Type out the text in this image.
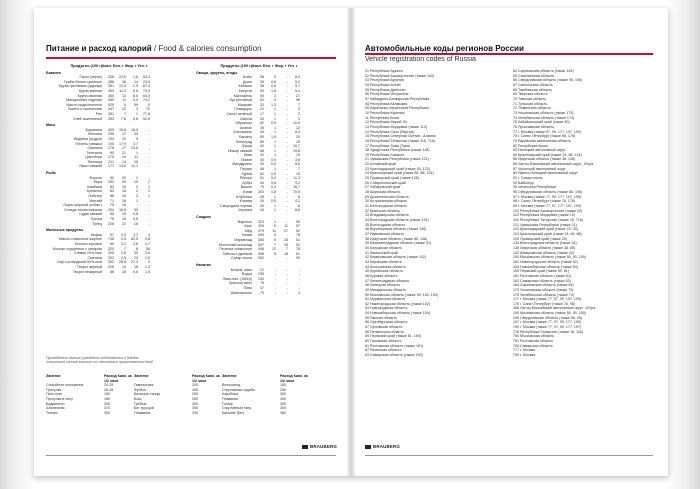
Питание и расход калорий / Food & calories consumption
Продукты (100 г) Ккал. Бел. г Жир. г Угл. г
Бакалея
Горох (зерно)	336	23,0	1,6	53,3
Грибы белые сушёные	286	36	14	23,5
Крупа гречневая (ядрица)	351	12,5	2,5	67,4
Крупа манная	354	11,2	0,8	73,3
Крупа овсяная	360	13	6,5	64,9
Макаронные изделия	350	11	0,9	74,2
Масло подсолнечное	929	0	99	0
Пшено и пшеничная	347	12	3	70
Рис	351	7	1	77,8
Хлеб пшеничный	253	7,6	0,8	52,6
Мясо
Баранина	209	15,6	16,3	-
Ветчина	295	17	30	-
Индейка (грудка)	134	22	5	-
Печень говяжья	105	17,9	3,7	-
Свинина	276	17	23,5	-
Телятина	90	21	1	-
Цыплёнок	175	19	11	-
Яичница	211	14	15	-
Язык говяжий	177	13,6	12,1	-
Рыба
Форель	90	20	1	-
Икра	252	29	19	2
Камбала	83	16	2	1
Креветки	83	16	2	1
Лобстер	86	16	2	1
Минтай	71	16	1	-
Окунь морской (собак.)	75	16	-	-
Сельдь атлантическая	254	16,9	39	-
Судак свежий	85	19	0,8	-
Треска	75	16	0,5	-
Тунец	226	22	16	-
Молочные продукты
Кефир	57	3,3	3,7	3
Масло сливочное жирное	748	0,5	82,5	0,8
Молоко коровье	60	3,2	3,6	4,7
Молоко сгущённое с сахаром	320	7	8	56
Сливки 20%-ные	205	2,8	20	3,6
Сметана	202	2,5	20	2,5
Сыр голландский 50%-ный	352	26,8	27,3	0
Творог жирный	226	14	18	1,3
Творог нежирный	86	18	0,6	1,5
Продукты (100 г) Ккал. Бел. г Жир. г Угл. г
Овощи, фрукты, ягоды
Бобы	58	5	-	8,3
Дыня	39	0,6	-	9,2
Кабачки	38	0,6	-	5,7
Капуста	30	1,8	-	5,4
Картофель	90	2	-	21
Лук репчатый	52	3	-	96
Морковь	33	1,3	-	7
Помидоры	22	1	-	3
Салат зелёный	17	1	-	2
Свёкла	30	1	-	3
Абрикосы	52	0,9	-	10,5
Ананас	45	1	-	12
Апельсины	40	1	-	8,4
Бананы	89	1,5	-	20
Виноград	69	1	-	19
Груша	42	1	-	10,7
Инжир свежий	68	1	-	19,8
Киви	41	1	-	15
Лимон	40	0,9	-	3,6
Мандарины	40	0,9	-	8,6
Персик	46	1	-	7
Хурма	62	0,5	-	15
Яблоки	51	0,4	-	11,3
Арбуз	40	0,6	-	9,2
Вишня	79	0,4	-	16,7
Изюм	303	1,8	-	70,9
Клубника	28	1	-	6
Клюква	34	0,5	-	4,2
Смородина черная	40	1	-	8
Черника	44	1	-	8,6
Сладкое
Варенье	323	1	-	59
Кекс	334	6	11	57
Мёд	479	11	27	52
Халва	294	4	-	76
Мармелад	356	9	28	51
Молочный шоколад	547	7	35	52
Печенье сливочное	406	12	7	78
Свёкла с джемом	408	5	18	61
Сахар-песок	392	-	-	99
Напитки
Безалк. пиво	21	-	-	-
Водка	235	-	-	-
Пиво-нал. (350гр)	130	-	-	-
Красное вино	75	-	-	-
Пиво	47	-	-	-
Шампанское	70	-	-	3
Приведённые данные усреднённо соблюдаются в блюдах
Химический состав зависит от технологии приготовления блюд
Занятие	Расход Ккал. за 1/2 часа
Занятие	Расход Ккал. за 1/2 часа
Занятие	Расход Ккал. за 1/2 часа
Спокойное положение	20-25	Гимнастика	200	Велосипед	180
Прогулка	40-45	Футбол	300	Спортивная ходьба	250
Пинг-понг	150	Бальные танцы	250	Аэробика	300
Прогулка в лесу	180	Бокс	250	Плаванье	450
Бадминтон	200	Греблю	300	Гольф	350
Альпинизм	370	Бег трусцой	300	Спортивный танц	300
Теннис	300	Плавание	330	Катание (бег)	380
BRAUBERG
Автомобильные коды регионов России
Vehicle registration codes of Russia
01 Республика Адыгея
02 Республика Башкортостан (также 102)
03 Республика Бурятия
04 Республика Алтай
05 Республика Дагестан
06 Республика Ингушетия
07 Кабардино-Балкарская Республика
08 Республика Калмыкия
09 Карачаево-Черкесская Республика
10 Республика Карелия
11 Республика Коми
12 Республика Марий Эл
13 Республика Мордовия (также 113)
14 Республика Саха (Якутия)
15 Республика Северная Осетия - Алания
16 Республика Татарстан (также 116, 716)
17 Республика Тыва (Тува)
18 Удмуртская Республика (также 118)
19 Республика Хакасия
21 Чувашская Республика (также 121)
22 Алтайский край
23 Краснодарский край (также 93, 123)
24 Красноярский край (также 84, 88, 124)
25 Приморский край (также 125)
26 Ставропольский край
27 Хабаровский край
28 Амурская область
29 Архангельская область
30 Астраханская область
31 Белгородская область
32 Брянская область
33 Владимирская область
34 Волгоградская область (также 134)
35 Вологодская область
36 Воронежская область (также 136)
37 Ивановская область
38 Иркутская область (также 85, 138)
39 Калининградская область (также 91)
40 Калужская область
41 Камчатский край
42 Кемеровская область (также 142)
43 Кировская область
44 Костромская область
45 Курганская область
46 Курская область
47 Ленинградская область
48 Липецкая область
49 Магаданская область
50 Московская область (также 90, 150, 190)
51 Мурманская область
52 Нижегородская область (также 152)
53 Новгородская область
54 Новосибирская область (также 154)
55 Омская область
56 Оренбургская область
57 Орловская область
58 Пензенская область
59 Пермский край (также 81, 159)
60 Псковская область
61 Ростовская область (также 161)
62 Рязанская область
63 Самарская область (также 163)
64 Саратовская область (также 164)
65 Сахалинская область
66 Свердловская область (также 96, 196)
67 Смоленская область
68 Тамбовская область
69 Тверская область
70 Томская область
71 Тульская область
72 Тюменская область
73 Ульяновская область (также 173)
74 Челябинская область (также 174)
75 Забайкальский край (также 80)
76 Ярославская область
77 г. Москва (также 97, 99, 177, 197, 199)
78 г. Санкт-Петербург (также 98, 178)
79 Еврейская автономная область
82 Республика Крым
83 Ненецкий автономный округ
84 Красноярский край (также 24, 88, 124)
85 Иркутская область (также 38, 138)
86 Ханты-Мансийский автономный округ - Югра
87 Чукотский автономный округ
89 Ямало-Ненецкий автономный округ
92 г. Севастополь
94 Байконур
95 Чеченская Республика
96 Свердловская область (также 66, 196)
97 г. Москва (также 77, 99, 177, 197, 199)
98 г. Санкт-Петербург (также 78, 178)
99 г. Москва (также 77, 97, 177, 197, 199)
102 Республика Башкортостан (также 02)
113 Республика Мордовия (также 13)
116 Республика Татарстан (также 16, 716)
121 Чувашская Республика (также 21)
123 Краснодарский край (также 23, 93)
124 Красноярский край (также 24, 84, 88)
125 Приморский край (также 25)
134 Волгоградская область (также 34)
138 Иркутская область (также 38, 85)
142 Кемеровская область (также 42)
150 Московская область (также 50, 90, 190)
152 Нижегородская область (также 52)
154 Новосибирская область (также 54)
159 Пермский край (также 59, 81)
161 Ростовская область (также 61)
163 Самарская область (также 63)
164 Саратовская область (также 64)
173 Ульяновская область (также 73)
174 Челябинская область (также 74)
177 г. Москва (также 77, 97, 99, 197, 199)
178 г. Санкт-Петербург (также 78, 98)
186 Ханты-Мансийский автономный округ - Югра
190 Московская область (также 50, 90, 150)
196 Свердловская область (также 66, 96)
197 г. Москва (также 77, 97, 99, 177, 199)
199 г. Москва (также 77, 97, 99, 177, 197)
716 Республика Татарстан (также 16, 116)
750 Московская область
761 Ростовская область
763 Самарская область
777 г. Москва
799 г. Москва
BRAUBERG
